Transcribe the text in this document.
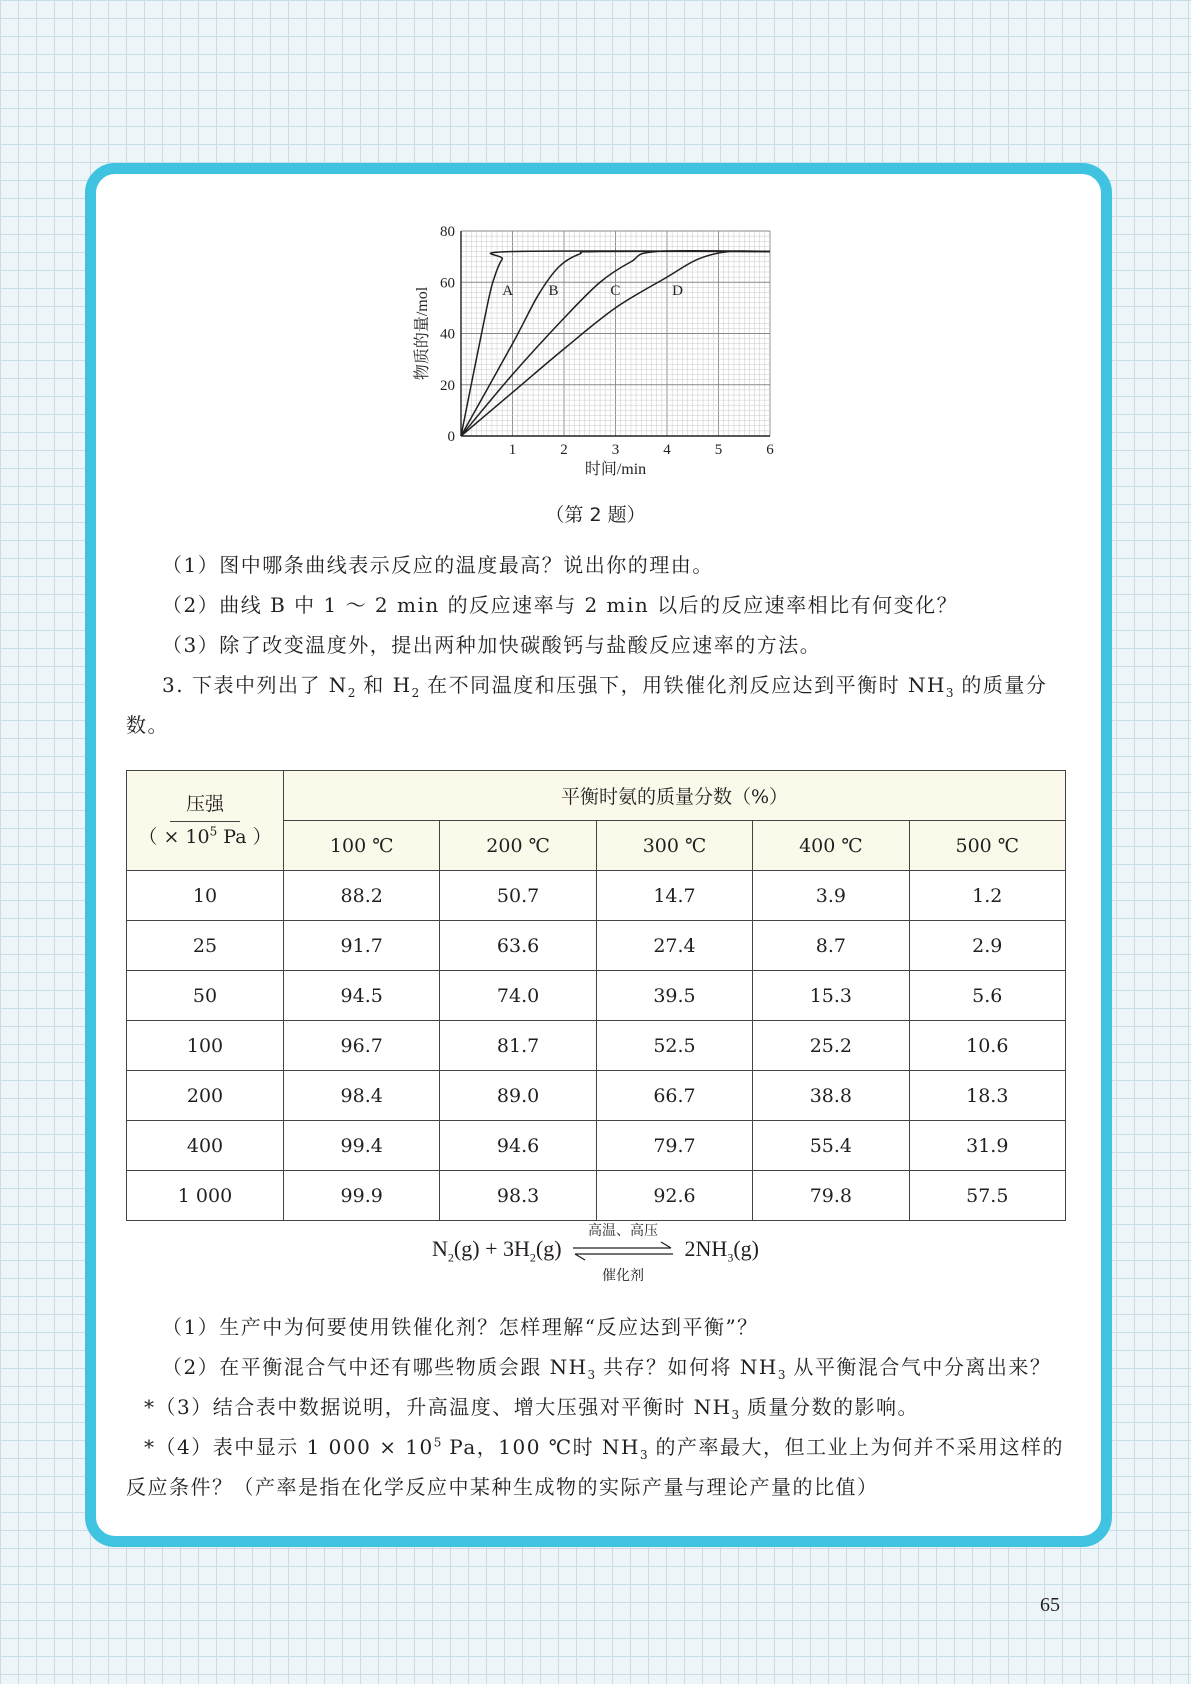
0
20
40
60
80
1	2	3	4	5	6
时间/min
物质的量/mol	A B	C	D
（第 2 题）
（1）图中哪条曲线表示反应的温度最高？说出你的理由。
（2）曲线 B 中 1 ～ 2 min 的反应速率与 2 min 以后的反应速率相比有何变化？
（3）除了改变温度外，提出两种加快碳酸钙与盐酸反应速率的方法。
3. 下表中列出了 $N_2$ 和 $H_2$ 在不同温度和压强下，用铁催化剂反应达到平衡时 $NH_3$ 的质量分数。
压强
（ × $10^5$ Pa ）	平衡时氨的质量分数（%）				
	100 ℃	200 ℃	300 ℃	400 ℃	500 ℃
10	88.2	50.7	14.7	3.9	1.2
25	91.7	63.6	27.4	8.7	2.9
50	94.5	74.0	39.5	15.3	5.6
100	96.7	81.7	52.5	25.2	10.6
200	98.4	89.0	66.7	38.8	18.3
400	99.4	94.6	79.7	55.4	31.9
1 000	99.9	98.3	92.6	79.8	57.5
$N_2(g) + 3H_2(g)$
高温、高压
催化剂
$2NH_3(g)$
（1）生产中为何要使用铁催化剂？怎样理解“反应达到平衡”？
（2）在平衡混合气中还有哪些物质会跟 $NH_3$ 共存？如何将 $NH_3$ 从平衡混合气中分离出来？
*（3）结合表中数据说明，升高温度、增大压强对平衡时 $NH_3$ 质量分数的影响。
*（4）表中显示 1 $000 \times 10^5$ Pa，100 ℃时 $NH_3$ 的产率最大，但工业上为何并不采用这样的反应条件？（产率是指在化学反应中某种生成物的实际产量与理论产量的比值）
65
